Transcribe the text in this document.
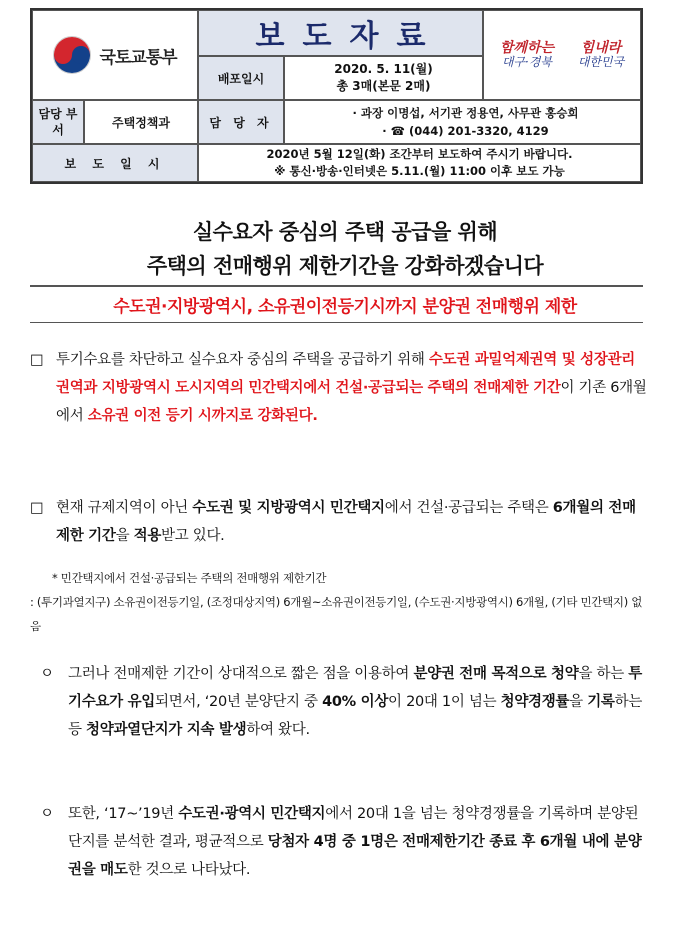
국토교통부
보도자료	함께하는
대구·경북
힘내라
대한민국
배포일시
2020. 5. 11(월)
총 3매(본문 2매)
담당 부서
주택정책과	담 당 자
· 과장 이명섭, 서기관 정용연, 사무관 홍승희
· ☎ (044) 201-3320, 4129
보 도 일 시
2020년 5월 12일(화) 조간부터 보도하여 주시기 바랍니다.
※ 통신·방송·인터넷은 5.11.(월) 11:00 이후 보도 가능
실수요자 중심의 주택 공급을 위해
주택의 전매행위 제한기간을 강화하겠습니다
수도권·지방광역시, 소유권이전등기시까지 분양권 전매행위 제한
□ 투기수요를 차단하고 실수요자 중심의 주택을 공급하기 위해 수도권 과밀억제권역 및 성장관리권역과 지방광역시 도시지역의 민간택지에서 건설·공급되는 주택의 전매제한 기간이 기존 6개월에서 소유권 이전 등기 시까지로 강화된다.
□ 현재 규제지역이 아닌 수도권 및 지방광역시 민간택지에서 건설·공급되는 주택은 6개월의 전매제한 기간을 적용받고 있다.
* 민간택지에서 건설·공급되는 주택의 전매행위 제한기간
: (투기과열지구) 소유권이전등기일, (조정대상지역) 6개월~소유권이전등기일, (수도권·지방광역시) 6개월, (기타 민간택지) 없음
ㅇ 그러나 전매제한 기간이 상대적으로 짧은 점을 이용하여 분양권 전매 목적으로 청약을 하는 투기수요가 유입되면서, ‘20년 분양단지 중 40% 이상이 20대 1이 넘는 청약경쟁률을 기록하는 등 청약과열단지가 지속 발생하여 왔다.
ㅇ 또한, ‘17~’19년 수도권·광역시 민간택지에서 20대 1을 넘는 청약경쟁률을 기록하며 분양된 단지를 분석한 결과, 평균적으로 당첨자 4명 중 1명은 전매제한기간 종료 후 6개월 내에 분양권을 매도한 것으로 나타났다.
